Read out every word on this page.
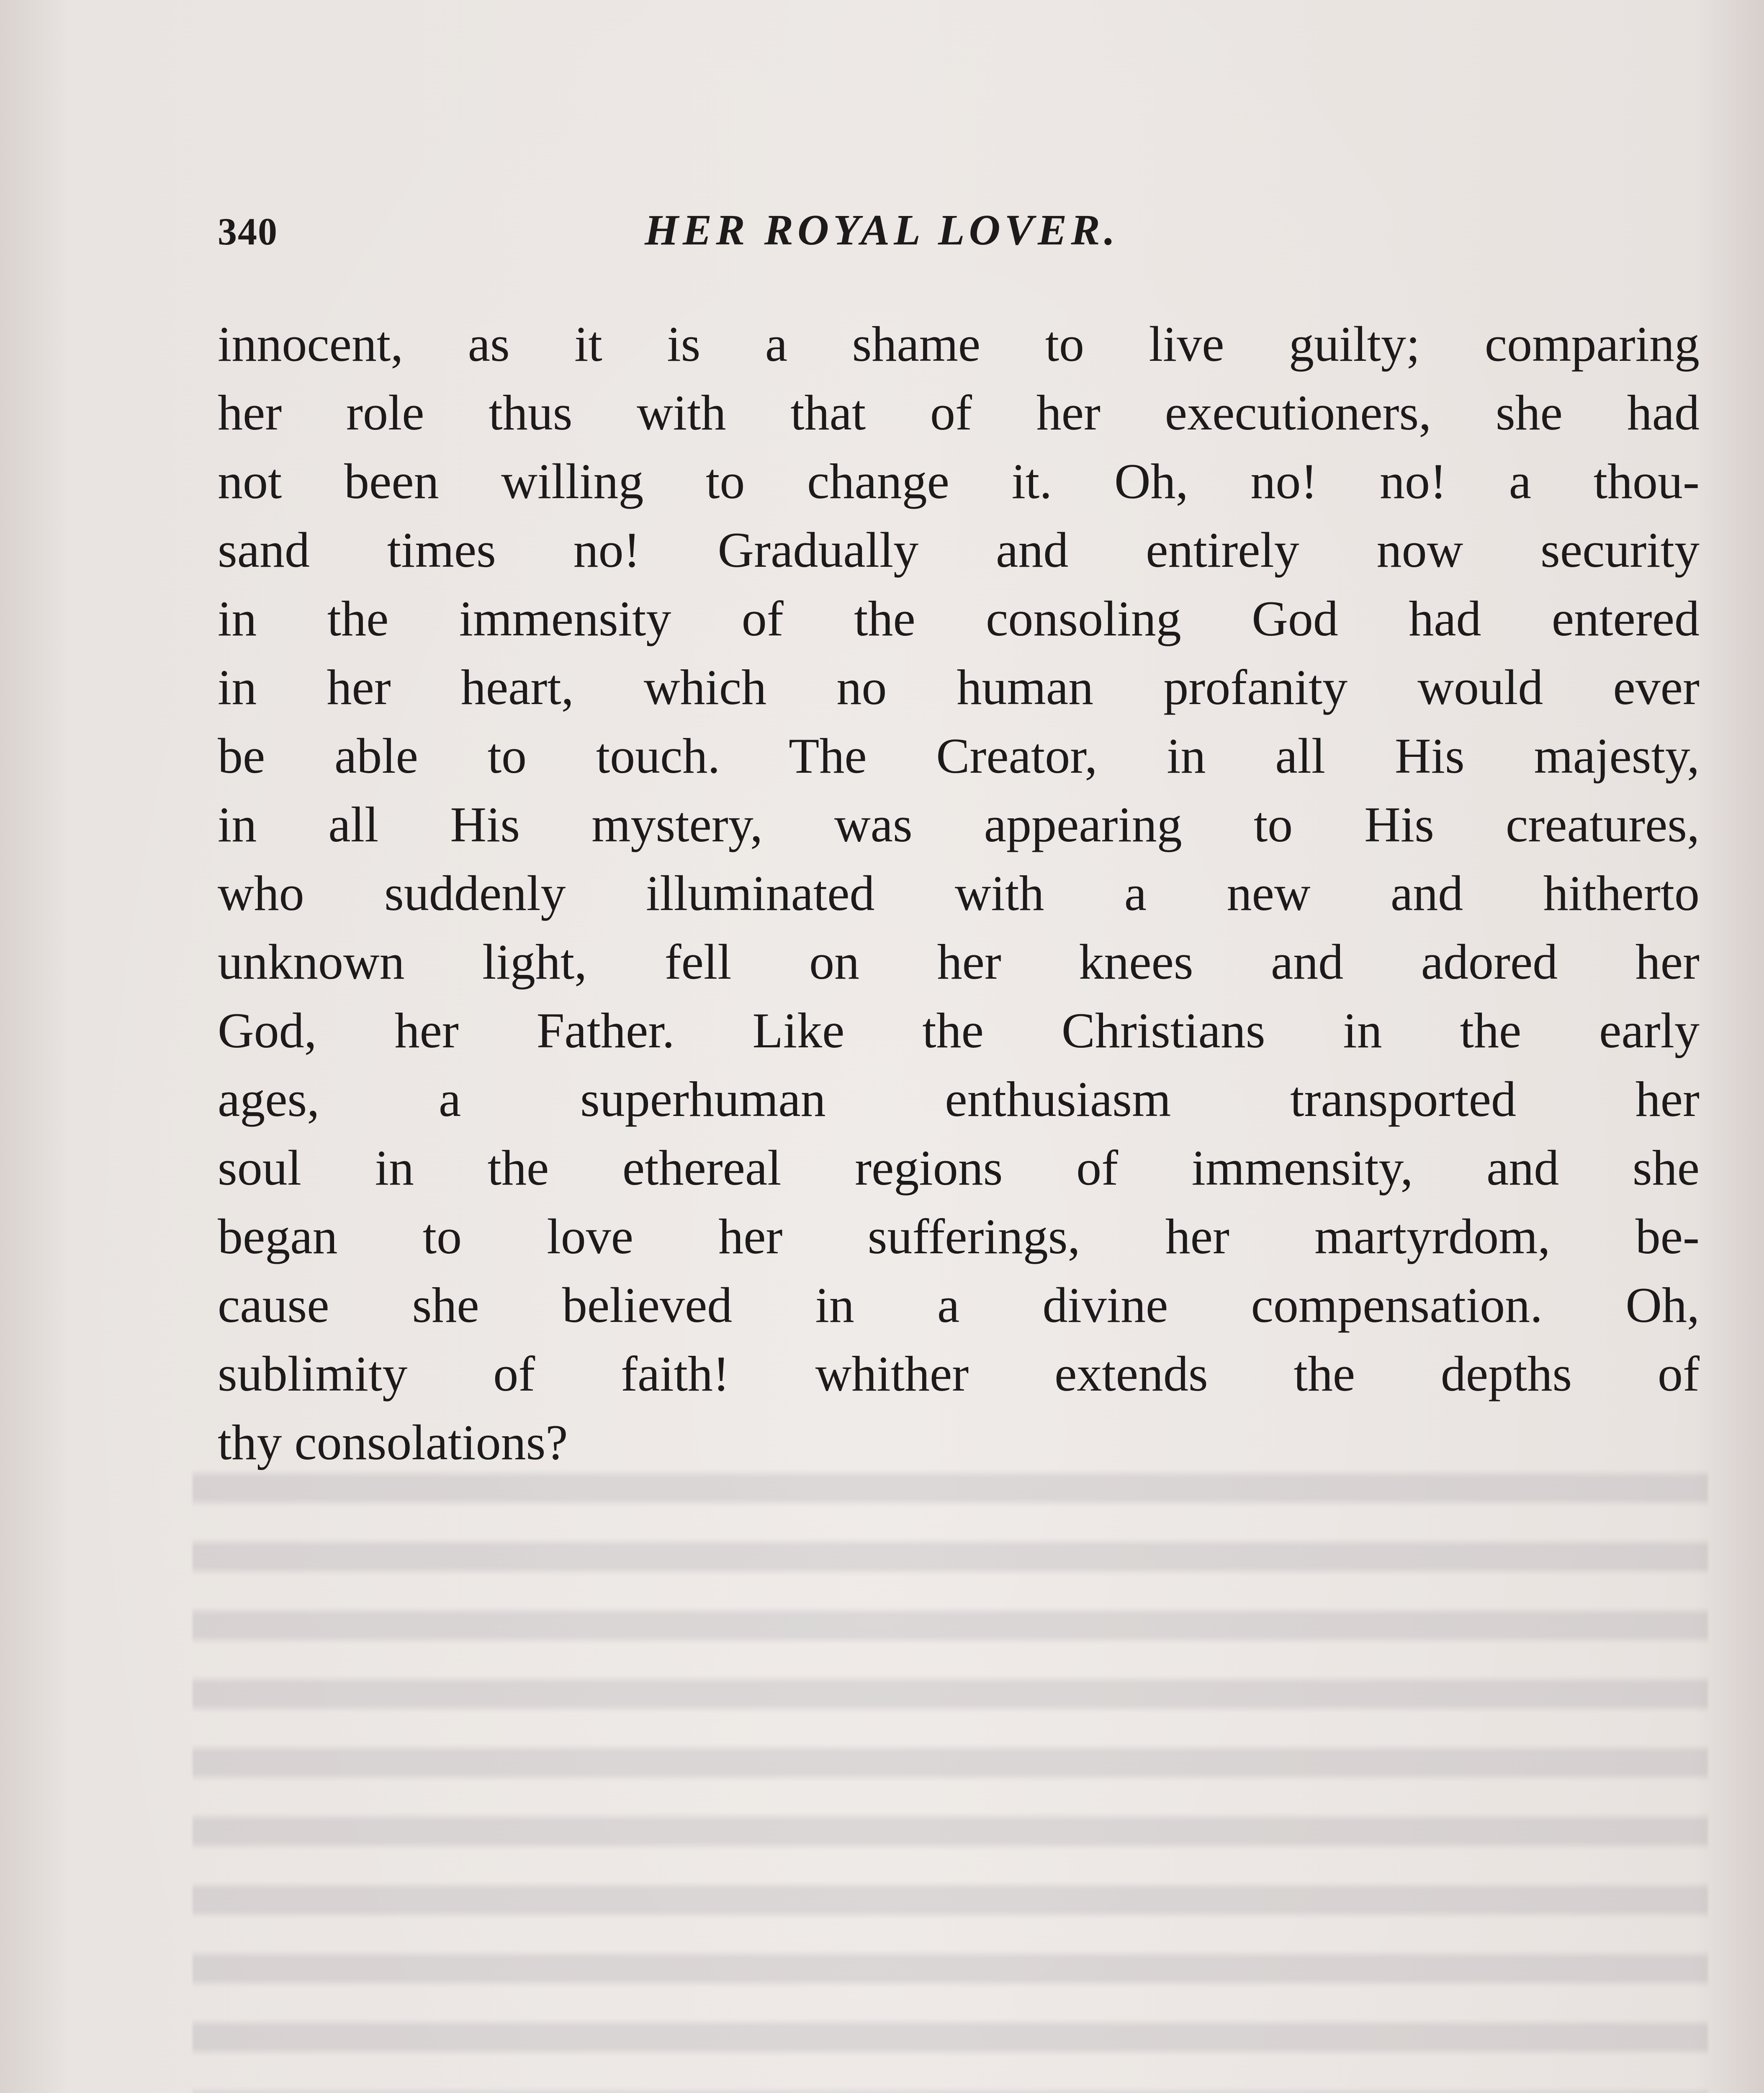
340	HER ROYAL LOVER.
innocent, as it is a shame to live guilty; comparing
her role thus with that of her executioners, she had
not been willing to change it. Oh, no! no! a thou-
sand times no! Gradually and entirely now security
in the immensity of the consoling God had entered
in her heart, which no human profanity would ever
be able to touch. The Creator, in all His majesty,
in all His mystery, was appearing to His creatures,
who suddenly illuminated with a new and hitherto
unknown light, fell on her knees and adored her
God, her Father. Like the Christians in the early
ages, a superhuman enthusiasm transported her
soul in the ethereal regions of immensity, and she
began to love her sufferings, her martyrdom, be-
cause she believed in a divine compensation. Oh,
sublimity of faith! whither extends the depths of
thy consolations?
